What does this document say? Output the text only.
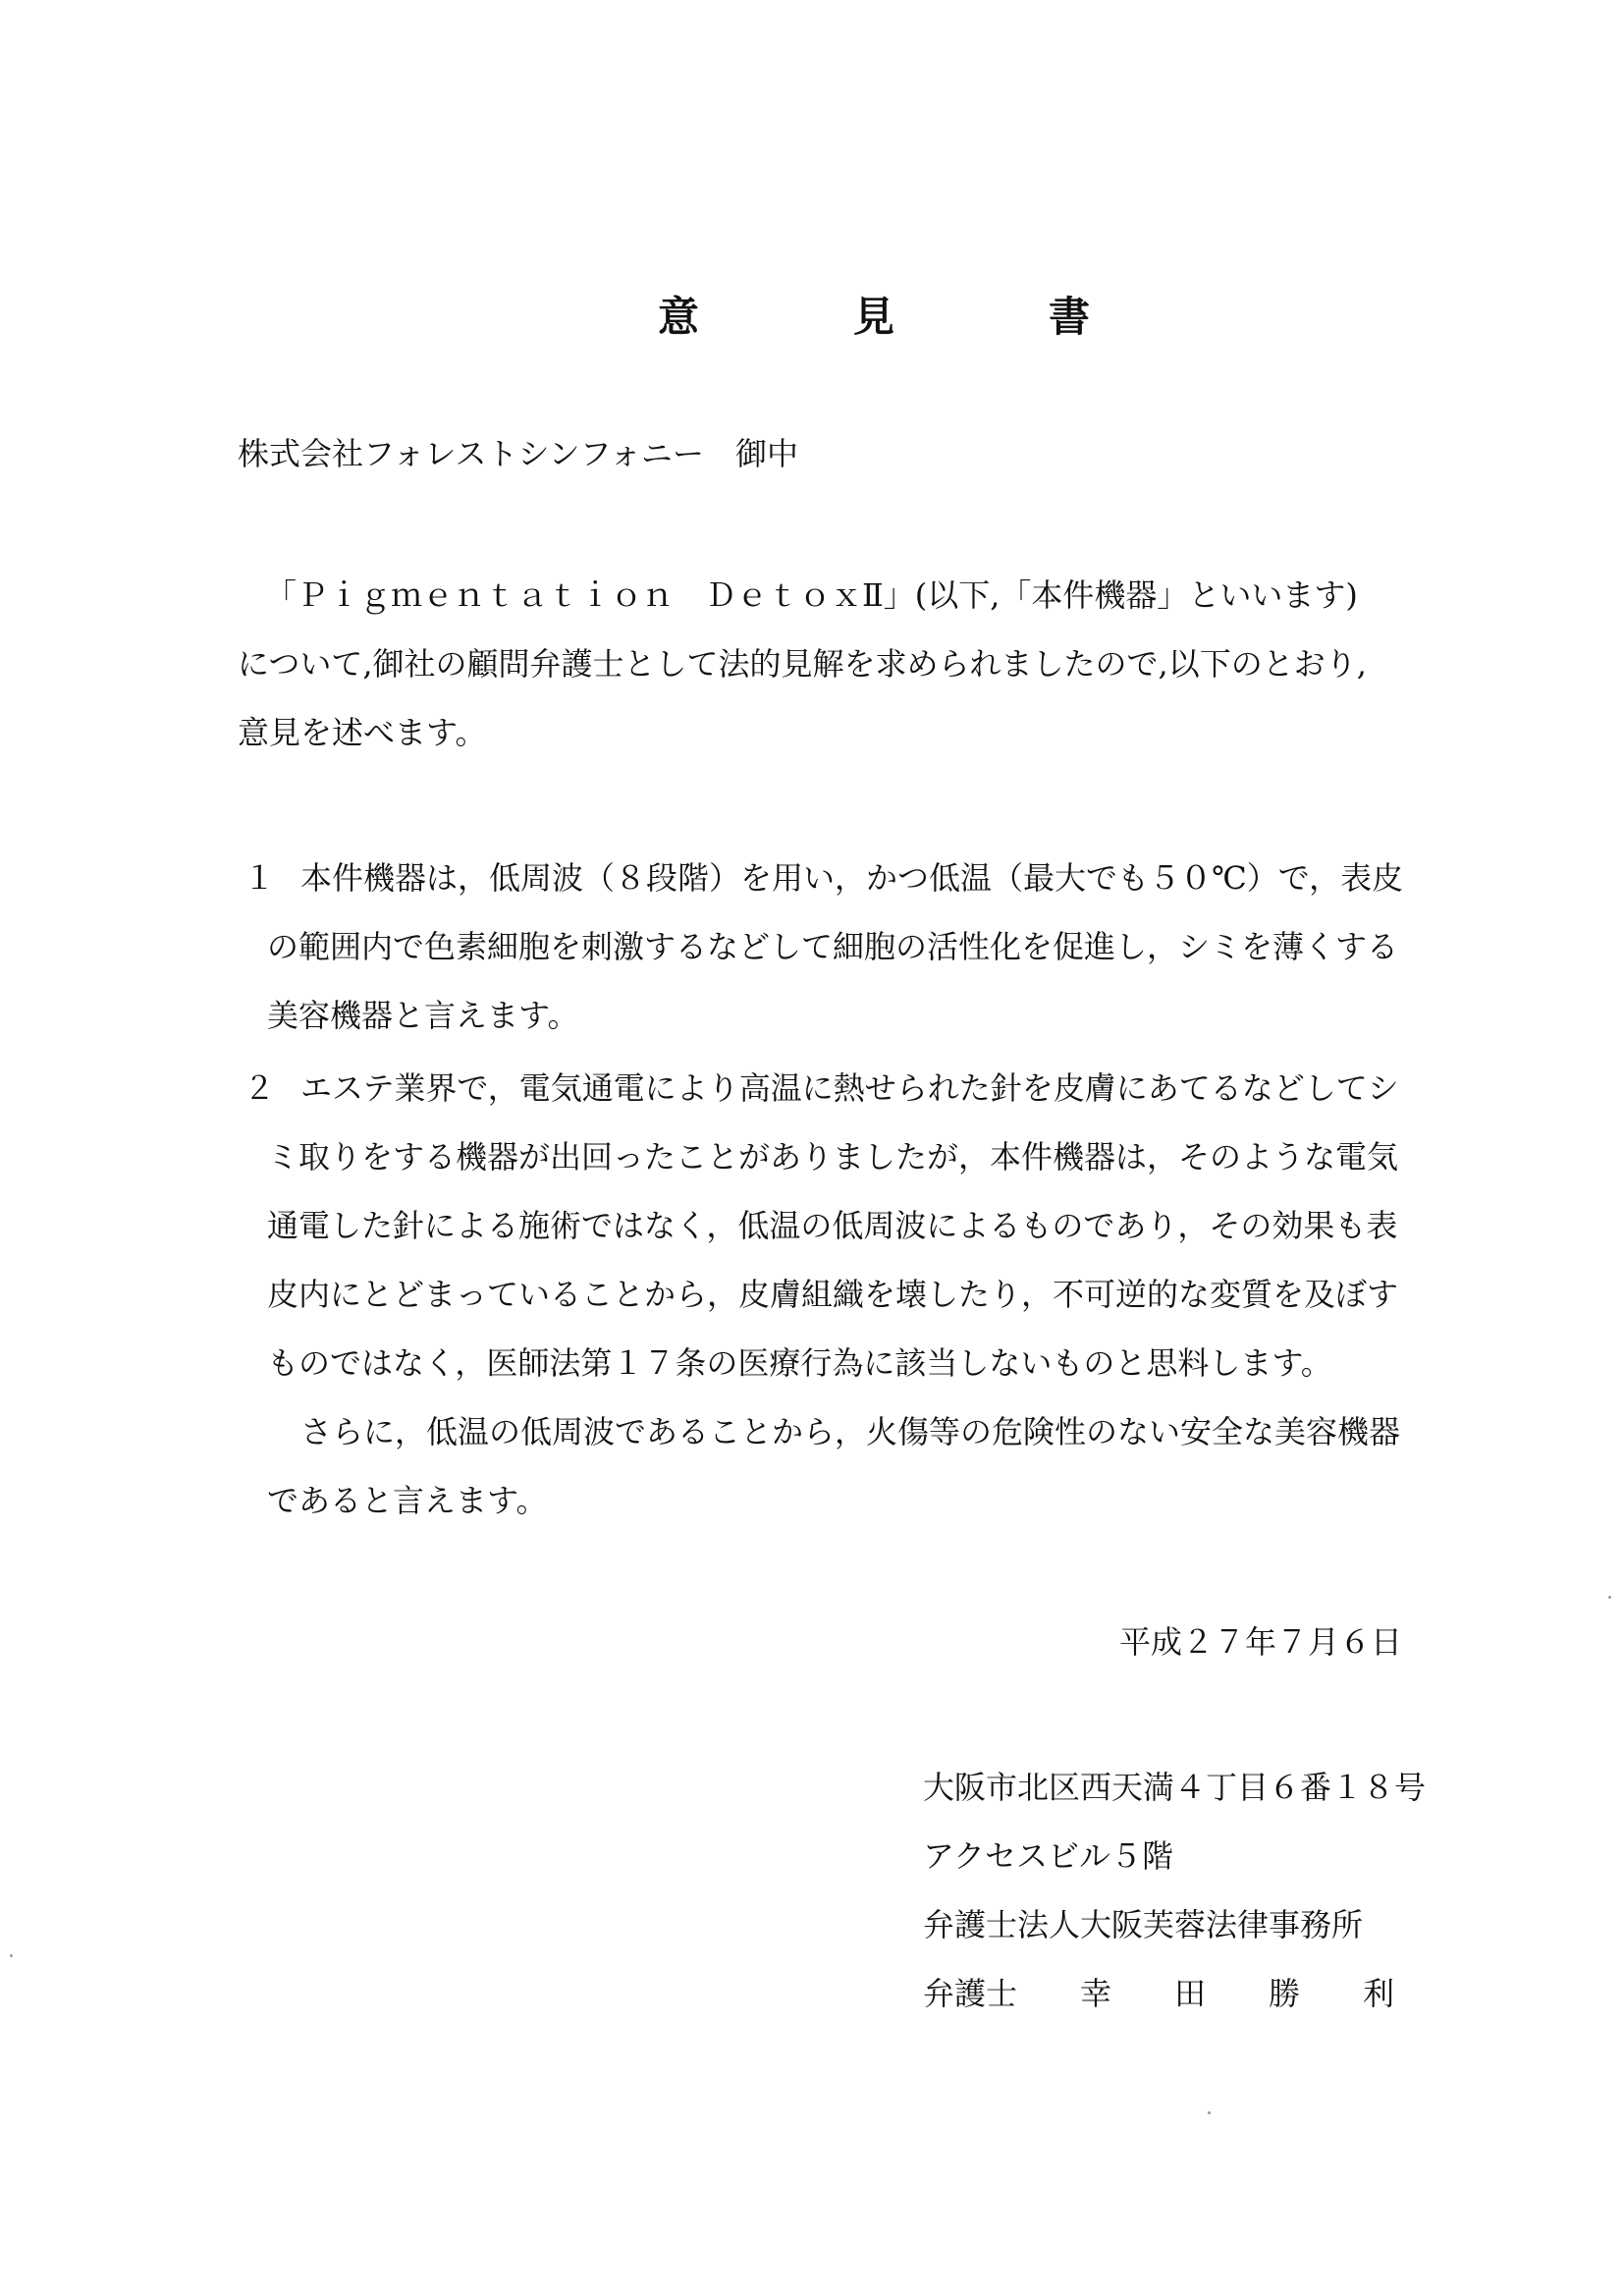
意	見	書
株式会社フォレストシンフォニー　御中
「Ｐｉｇｍｅｎｔａｔｉｏｎ　ＤｅｔｏｘⅡ」(以下,「本件機器」といいます)
について,御社の顧問弁護士として法的見解を求められましたので,以下のとおり,
意見を述べます。
１ 本件機器は，低周波（８段階）を用い，かつ低温（最大でも５０℃）で，表皮
の範囲内で色素細胞を刺激するなどして細胞の活性化を促進し，シミを薄くする
美容機器と言えます。
２ エステ業界で，電気通電により高温に熱せられた針を皮膚にあてるなどしてシ
ミ取りをする機器が出回ったことがありましたが，本件機器は，そのような電気
通電した針による施術ではなく，低温の低周波によるものであり，その効果も表
皮内にとどまっていることから，皮膚組織を壊したり，不可逆的な変質を及ぼす
ものではなく，医師法第１７条の医療行為に該当しないものと思料します。
さらに，低温の低周波であることから，火傷等の危険性のない安全な美容機器
であると言えます。
平成２７年７月６日
大阪市北区西天満４丁目６番１８号
アクセスビル５階
弁護士法人大阪芙蓉法律事務所
弁護士 幸 田 勝 利
